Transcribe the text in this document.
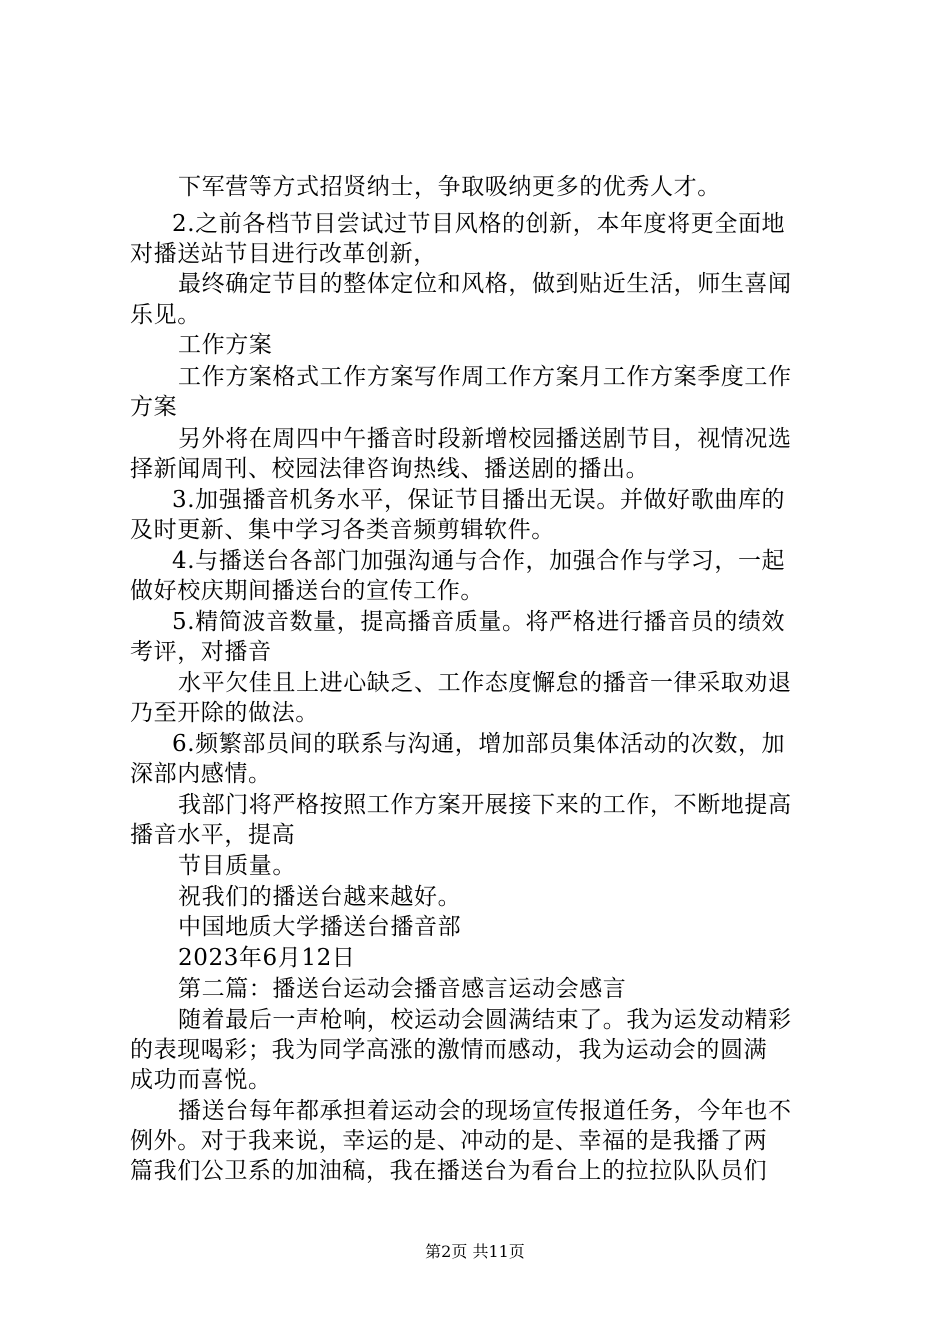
下军营等方式招贤纳士，争取吸纳更多的优秀人才。
2.之前各档节目尝试过节目风格的创新，本年度将更全面地
对播送站节目进行改革创新，
最终确定节目的整体定位和风格，做到贴近生活，师生喜闻
乐见。
工作方案
工作方案格式工作方案写作周工作方案月工作方案季度工作
方案
另外将在周四中午播音时段新增校园播送剧节目，视情况选
择新闻周刊、校园法律咨询热线、播送剧的播出。
3.加强播音机务水平，保证节目播出无误。并做好歌曲库的
及时更新、集中学习各类音频剪辑软件。
4.与播送台各部门加强沟通与合作，加强合作与学习，一起
做好校庆期间播送台的宣传工作。
5.精简波音数量，提高播音质量。将严格进行播音员的绩效
考评，对播音
水平欠佳且上进心缺乏、工作态度懈怠的播音一律采取劝退
乃至开除的做法。
6.频繁部员间的联系与沟通，增加部员集体活动的次数，加
深部内感情。
我部门将严格按照工作方案开展接下来的工作，不断地提高
播音水平，提高
节目质量。
祝我们的播送台越来越好。
中国地质大学播送台播音部
2023年6月12日
第二篇：播送台运动会播音感言运动会感言
随着最后一声枪响，校运动会圆满结束了。我为运发动精彩
的表现喝彩；我为同学高涨的激情而感动，我为运动会的圆满
成功而喜悦。
播送台每年都承担着运动会的现场宣传报道任务，今年也不
例外。对于我来说，幸运的是、冲动的是、幸福的是我播了两
篇我们公卫系的加油稿，我在播送台为看台上的拉拉队队员们
第2页 共11页
